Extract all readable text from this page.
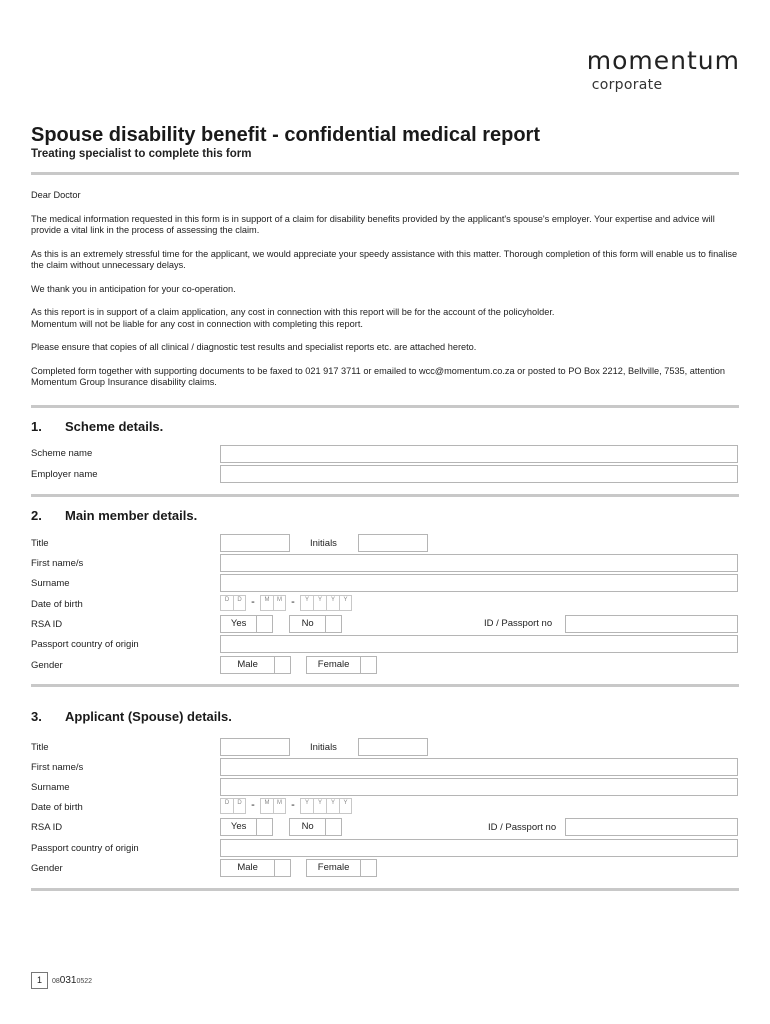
momentum
corporate
Spouse disability benefit - confidential medical report
Treating specialist to complete this form

Dear Doctor

The medical information requested in this form is in support of a claim for disability benefits provided by the applicant's spouse's employer. Your expertise and advice will provide a vital link in the process of assessing the claim.

As this is an extremely stressful time for the applicant, we would appreciate your speedy assistance with this matter. Thorough completion of this form will enable us to finalise the claim without unnecessary delays.

We thank you in anticipation for your co-operation.

As this report is in support of a claim application, any cost in connection with this report will be for the account of the policyholder.
Momentum will not be liable for any cost in connection with completing this report.

Please ensure that copies of all clinical / diagnostic test results and specialist reports etc. are attached hereto.

Completed form together with supporting documents to be faxed to 021 917 3711 or emailed to wcc@momentum.co.za or posted to PO Box 2212, Bellville, 7535, attention Momentum Group Insurance disability claims.

1. Scheme details.
Scheme name
Employer name
2. Main member details.
Title	Initials
First name/s
Surname
Date of birth	D	D -	M	M -	Y	Y	Y	Y
RSA ID	Yes	No	ID / Passport no
Passport country of origin
Gender	Male	Female
3. Applicant (Spouse) details.
Title	Initials
First name/s
Surname
Date of birth	D	D -	M	M -	Y	Y	Y	Y
RSA ID	Yes	No	ID / Passport no
Passport country of origin
Gender	Male	Female
1	080310522
